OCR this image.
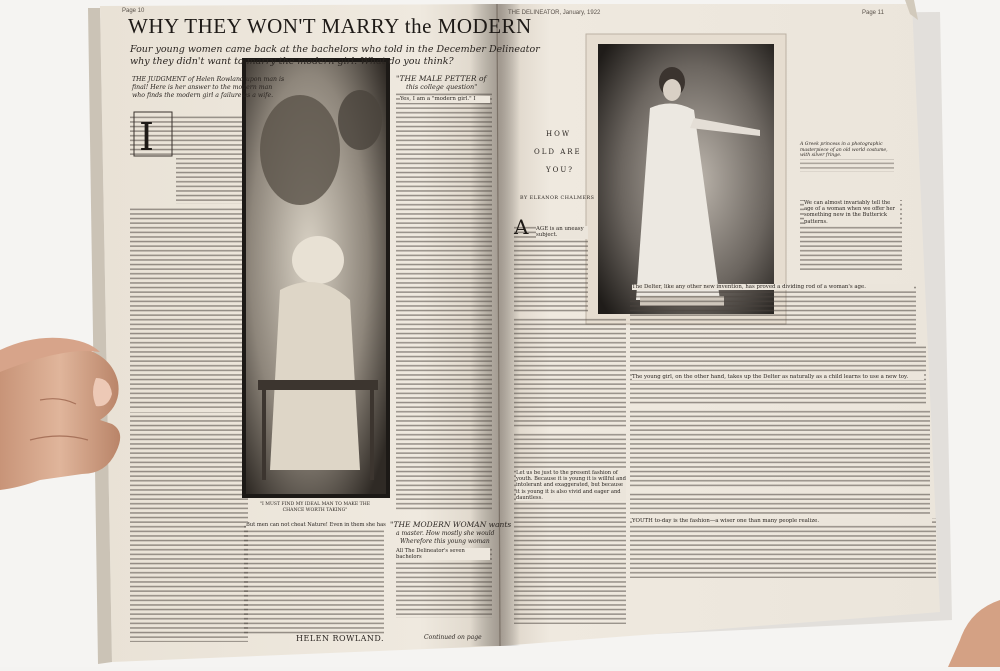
I
A
Page 10
WHY THEY WON'T MARRY the MODERN
Four young women came back at the bachelors who told in the December Delineator
why they didn't want to marry the modern girl. What do you think?
THE JUDGMENT of Helen Rowland upon man is
final! Here is her answer to the modern man
who finds the modern girl a failure as a wife.
"THE MALE PETTER of
this college question"
Yes, I am a "modern girl." I
"I MUST FIND MY IDEAL MAN TO MAKE THE CHANCE WORTH TAKING"
"THE MODERN WOMAN wants
a master. How mostly she would
Wherefore this young woman
All The Delineator's seven bachelors
But men can not cheat Nature! Even in them she has
HELEN ROWLAND.	Continued on page
THE DELINEATOR, January, 1922	Page 11
HOW
OLD ARE
YOU?
BY ELEANOR CHALMERS
A Greek princess in a photographic masterpiece of an old world costume, with silver fringe.
AGE is an uneasy subject.
We can almost invariably tell the age of a woman when we offer her something new in the Butterick patterns.
The Delter, like any other new invention, has proved a dividing rod of a woman's age.
The young girl, on the other hand, takes up the Delter as naturally as a child learns to use a new toy.
Let us be just to the present fashion of youth. Because it is young it is willful and intolerant and exaggerated, but because it is young it is also vivid and eager and dauntless.
YOUTH to-day is the fashion—a wiser one than many people realize.
